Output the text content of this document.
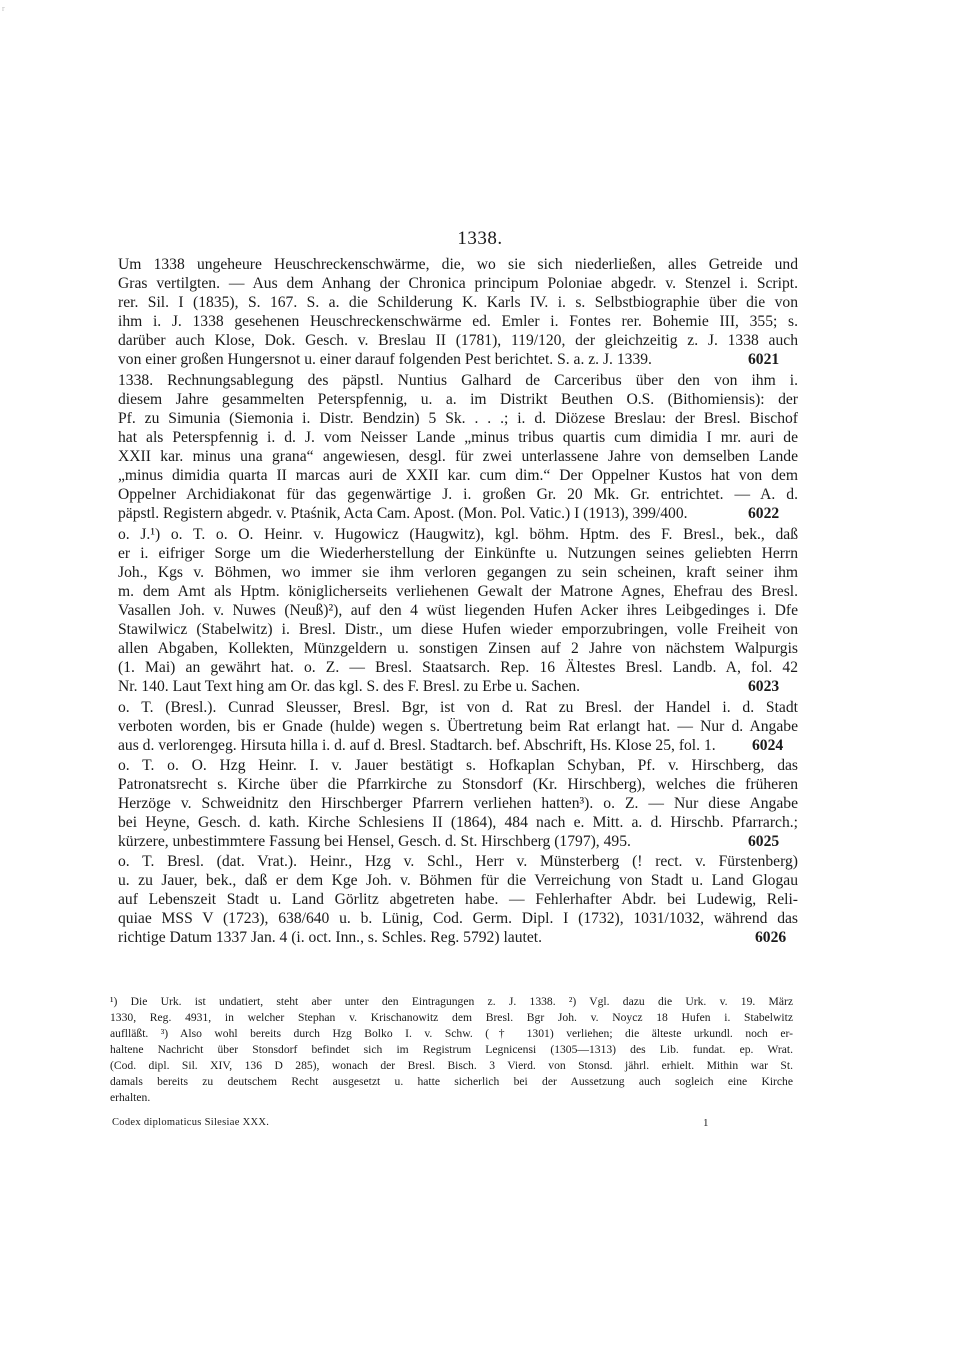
r
1338.
Um 1338 ungeheure Heuschreckenschwärme, die, wo sie sich niederließen, alles Getreide und
Gras vertilgten. — Aus dem Anhang der Chronica principum Poloniae abgedr. v. Stenzel i. Script.
rer. Sil. I (1835), S. 167. S. a. die Schilderung K. Karls IV. i. s. Selbstbiographie über die von
ihm i. J. 1338 gesehenen Heuschreckenschwärme ed. Emler i. Fontes rer. Bohemie III, 355; s.
darüber auch Klose, Dok. Gesch. v. Breslau II (1781), 119/120, der gleichzeitig z. J. 1338 auch
von einer großen Hungersnot u. einer darauf folgenden Pest berichtet. S. a. z. J. 1339.	6021
1338. Rechnungsablegung des päpstl. Nuntius Galhard de Carceribus über den von ihm i.
diesem Jahre gesammelten Peterspfennig, u. a. im Distrikt Beuthen O.S. (Bithomiensis): der
Pf. zu Simunia (Siemonia i. Distr. Bendzin) 5 Sk. . . .; i. d. Diözese Breslau: der Bresl. Bischof
hat als Peterspfennig i. d. J. vom Neisser Lande „minus tribus quartis cum dimidia I mr. auri de
XXII kar. minus una grana“ angewiesen, desgl. für zwei unterlassene Jahre von demselben Lande
„minus dimidia quarta II marcas auri de XXII kar. cum dim.“ Der Oppelner Kustos hat von dem
Oppelner Archidiakonat für das gegenwärtige J. i. großen Gr. 20 Mk. Gr. entrichtet. — A. d.
päpstl. Registern abgedr. v. Ptaśnik, Acta Cam. Apost. (Mon. Pol. Vatic.) I (1913), 399/400.	6022
o. J.¹) o. T. o. O. Heinr. v. Hugowicz (Haugwitz), kgl. böhm. Hptm. des F. Bresl., bek., daß
er i. eifriger Sorge um die Wiederherstellung der Einkünfte u. Nutzungen seines geliebten Herrn
Joh., Kgs v. Böhmen, wo immer sie ihm verloren gegangen zu sein scheinen, kraft seiner ihm
m. dem Amt als Hptm. königlicherseits verliehenen Gewalt der Matrone Agnes, Ehefrau des Bresl.
Vasallen Joh. v. Nuwes (Neuß)²), auf den 4 wüst liegenden Hufen Acker ihres Leibgedinges i. Dfe
Stawilwicz (Stabelwitz) i. Bresl. Distr., um diese Hufen wieder emporzubringen, volle Freiheit von
allen Abgaben, Kollekten, Münzgeldern u. sonstigen Zinsen auf 2 Jahre von nächstem Walpurgis
(1. Mai) an gewährt hat. o. Z. — Bresl. Staatsarch. Rep. 16 Ältestes Bresl. Landb. A, fol. 42
Nr. 140. Laut Text hing am Or. das kgl. S. des F. Bresl. zu Erbe u. Sachen.	6023
o. T. (Bresl.). Cunrad Sleusser, Bresl. Bgr, ist von d. Rat zu Bresl. der Handel i. d. Stadt
verboten worden, bis er Gnade (hulde) wegen s. Übertretung beim Rat erlangt hat. — Nur d. Angabe
aus d. verlorengeg. Hirsuta hilla i. d. auf d. Bresl. Stadtarch. bef. Abschrift, Hs. Klose 25, fol. 1.	6024
o. T. o. O. Hzg Heinr. I. v. Jauer bestätigt s. Hofkaplan Schyban, Pf. v. Hirschberg, das
Patronatsrecht s. Kirche über die Pfarrkirche zu Stonsdorf (Kr. Hirschberg), welches die früheren
Herzöge v. Schweidnitz den Hirschberger Pfarrern verliehen hatten³). o. Z. — Nur diese Angabe
bei Heyne, Gesch. d. kath. Kirche Schlesiens II (1864), 484 nach e. Mitt. a. d. Hirschb. Pfarrarch.;
kürzere, unbestimmtere Fassung bei Hensel, Gesch. d. St. Hirschberg (1797), 495.	6025
o. T. Bresl. (dat. Vrat.). Heinr., Hzg v. Schl., Herr v. Münsterberg (! rect. v. Fürstenberg)
u. zu Jauer, bek., daß er dem Kge Joh. v. Böhmen für die Verreichung von Stadt u. Land Glogau
auf Lebenszeit Stadt u. Land Görlitz abgetreten habe. — Fehlerhafter Abdr. bei Ludewig, Reli-
quiae MSS V (1723), 638/640 u. b. Lünig, Cod. Germ. Dipl. I (1732), 1031/1032, während das
richtige Datum 1337 Jan. 4 (i. oct. Inn., s. Schles. Reg. 5792) lautet.	6026
¹) Die Urk. ist undatiert, steht aber unter den Eintragungen z. J. 1338. ²) Vgl. dazu die Urk. v. 19. März
1330, Reg. 4931, in welcher Stephan v. Krischanowitz dem Bresl. Bgr Joh. v. Noycz 18 Hufen i. Stabelwitz
auflläßt. ³) Also wohl bereits durch Hzg Bolko I. v. Schw. († 1301) verliehen; die älteste urkundl. noch er-
haltene Nachricht über Stonsdorf befindet sich im Registrum Legnicensi (1305—1313) des Lib. fundat. ep. Wrat.
(Cod. dipl. Sil. XIV, 136 D 285), wonach der Bresl. Bisch. 3 Vierd. von Stonsd. jährl. erhielt. Mithin war St.
damals bereits zu deutschem Recht ausgesetzt u. hatte sicherlich bei der Aussetzung auch sogleich eine Kirche
erhalten.
Codex diplomaticus Silesiae XXX.	1
